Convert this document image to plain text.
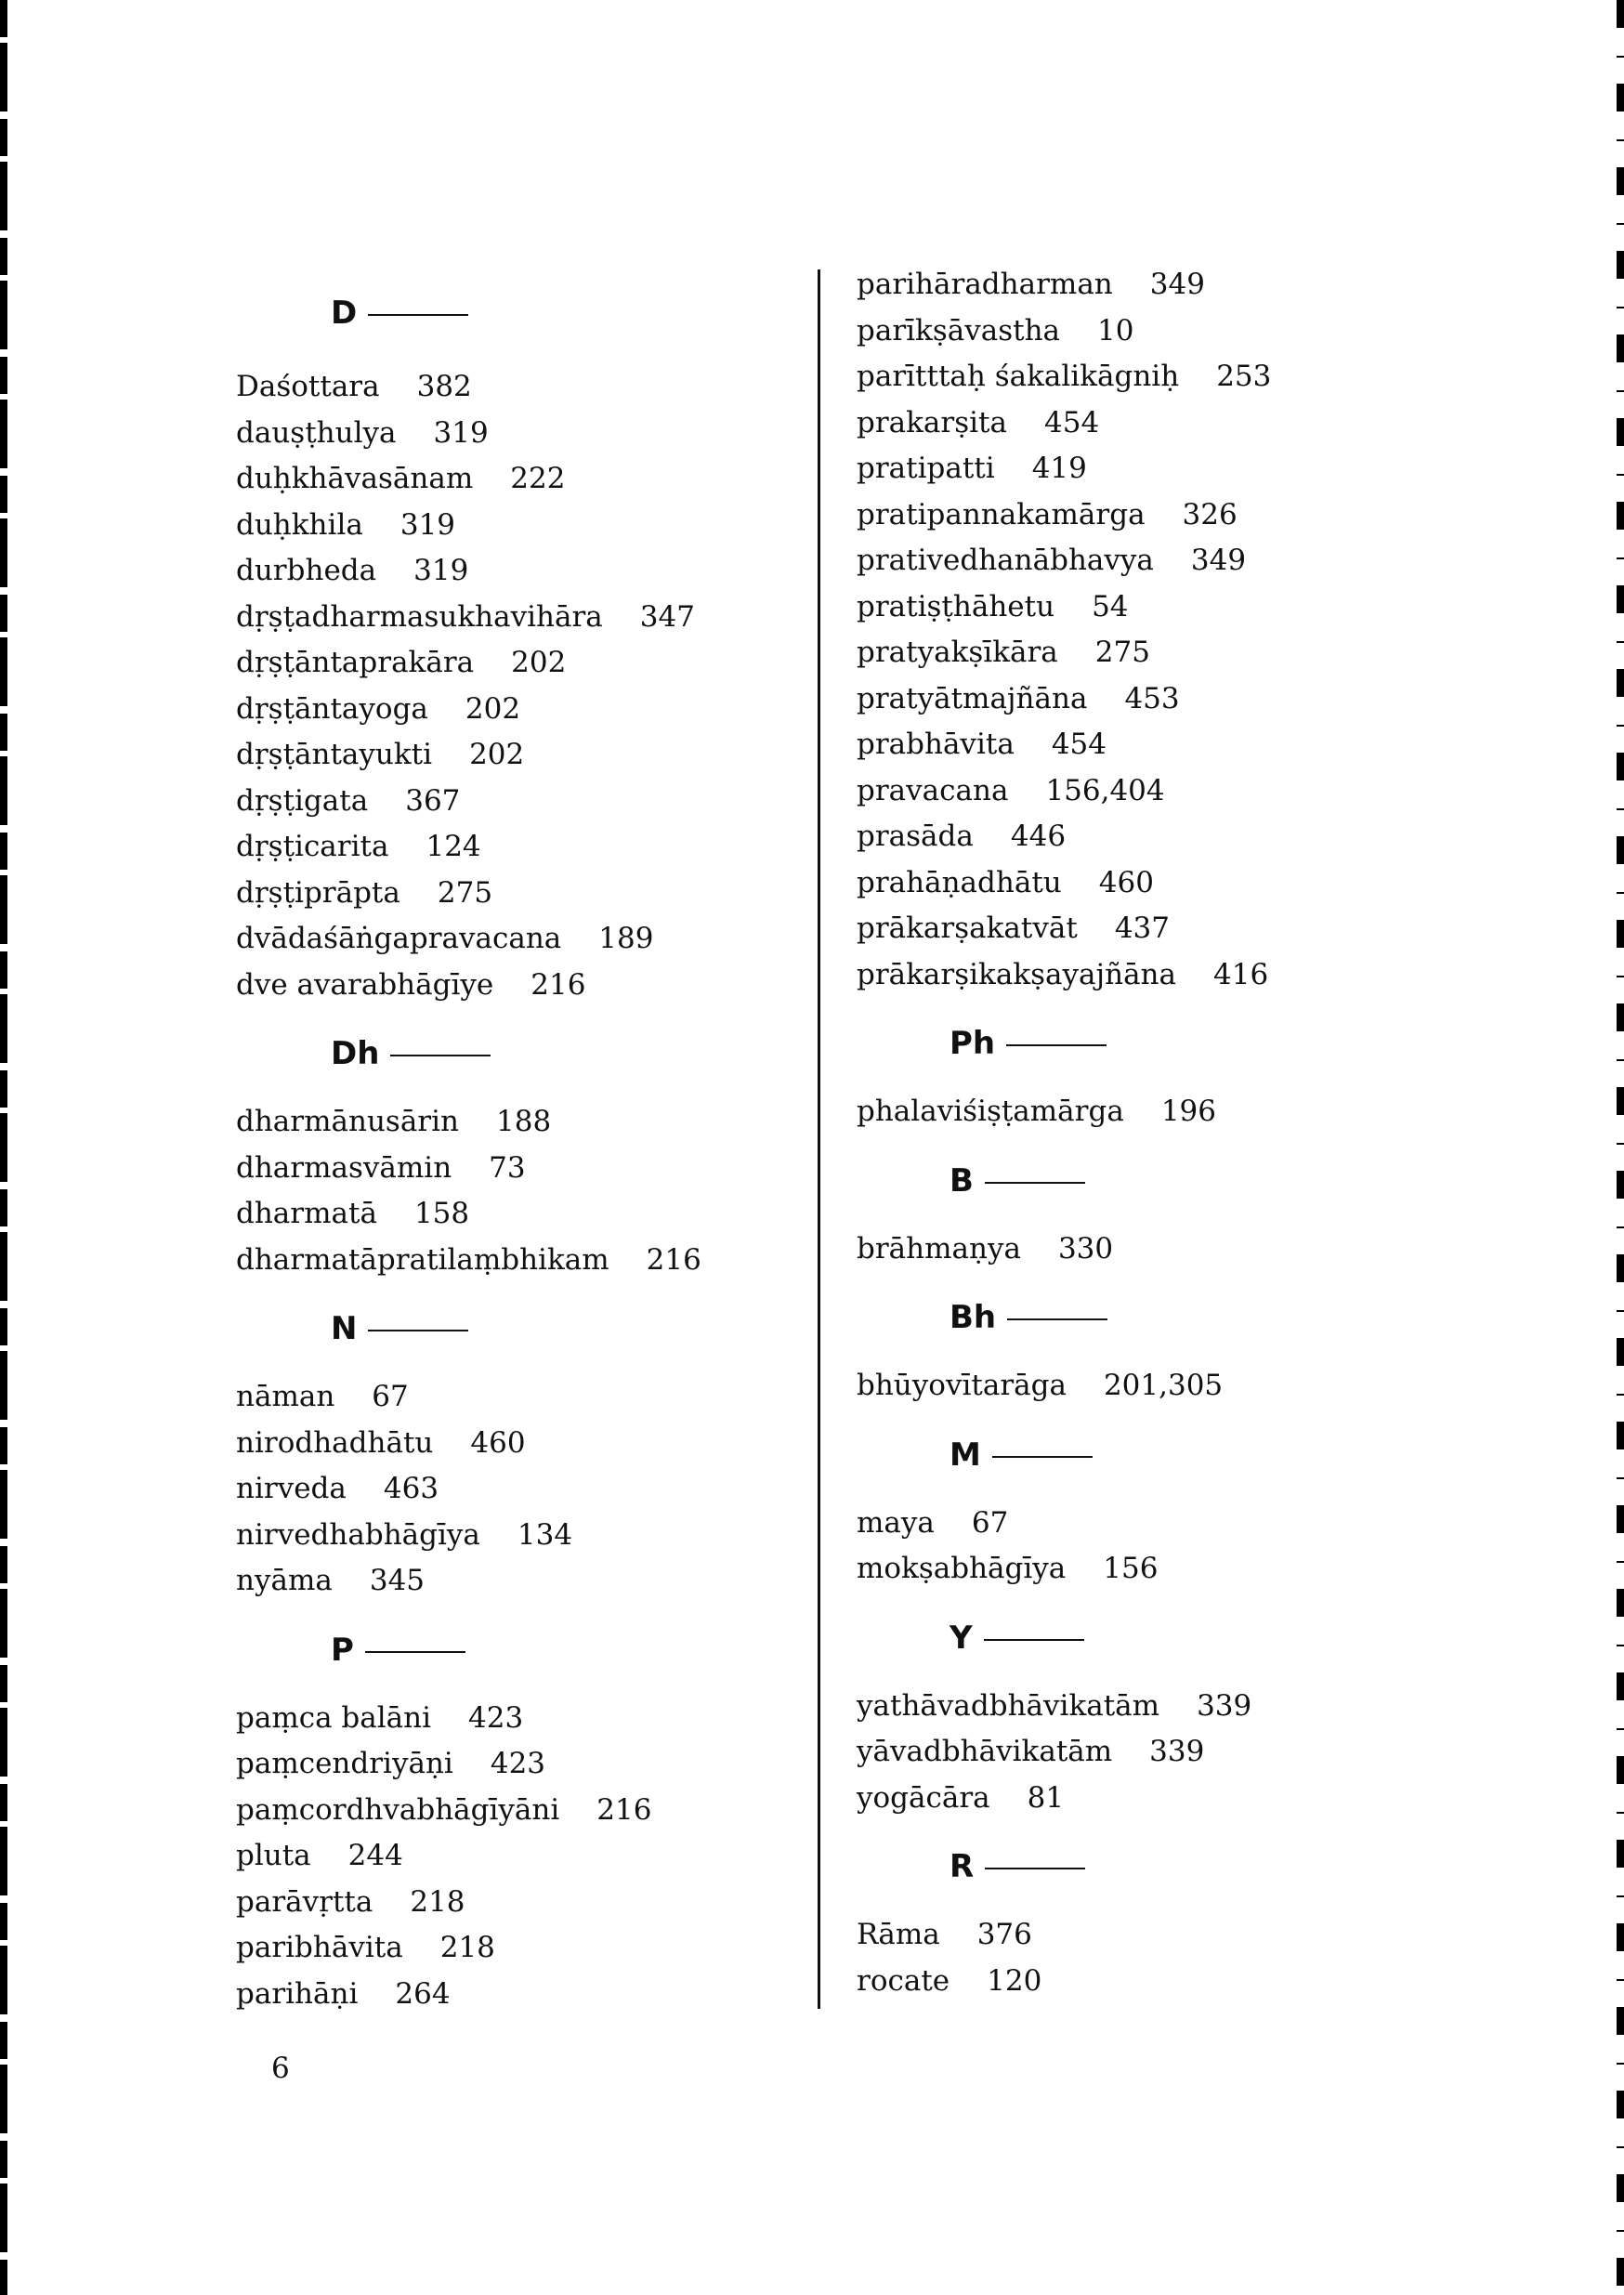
D
Daśottara 382
dauṣṭhulya 319
duḥkhāvasānam 222
duḥkhila 319
durbheda 319
dṛṣṭadharmasukhavihāra 347
dṛṣṭāntaprakāra 202
dṛṣṭāntayoga 202
dṛṣṭāntayukti 202
dṛṣṭigata 367
dṛṣṭicarita 124
dṛṣṭiprāpta 275
dvādaśāṅgapravacana 189
dve avarabhāgīye 216
Dh
dharmānusārin 188
dharmasvāmin 73
dharmatā 158
dharmatāpratilaṃbhikam 216
N
nāman 67
nirodhadhātu 460
nirveda 463
nirvedhabhāgīya 134
nyāma 345
P
paṃca balāni 423
paṃcendriyāṇi 423
paṃcordhvabhāgīyāni 216
pluta 244
parāvṛtta 218
paribhāvita 218
parihāṇi 264
parihāradharman 349
parīkṣāvastha 10
parītttaḥ śakalikāgniḥ 253
prakarṣita 454
pratipatti 419
pratipannakamārga 326
prativedhanābhavya 349
pratiṣṭhāhetu 54
pratyakṣīkāra 275
pratyātmajñāna 453
prabhāvita 454
pravacana 156,404
prasāda 446
prahāṇadhātu 460
prākarṣakatvāt 437
prākarṣikakṣayajñāna 416
Ph
phalaviśiṣṭamārga 196
B
brāhmaṇya 330
Bh
bhūyovītarāga 201,305
M
maya 67
mokṣabhāgīya 156
Y
yathāvadbhāvikatām 339
yāvadbhāvikatām 339
yogācāra 81
R
Rāma 376
rocate 120
6
